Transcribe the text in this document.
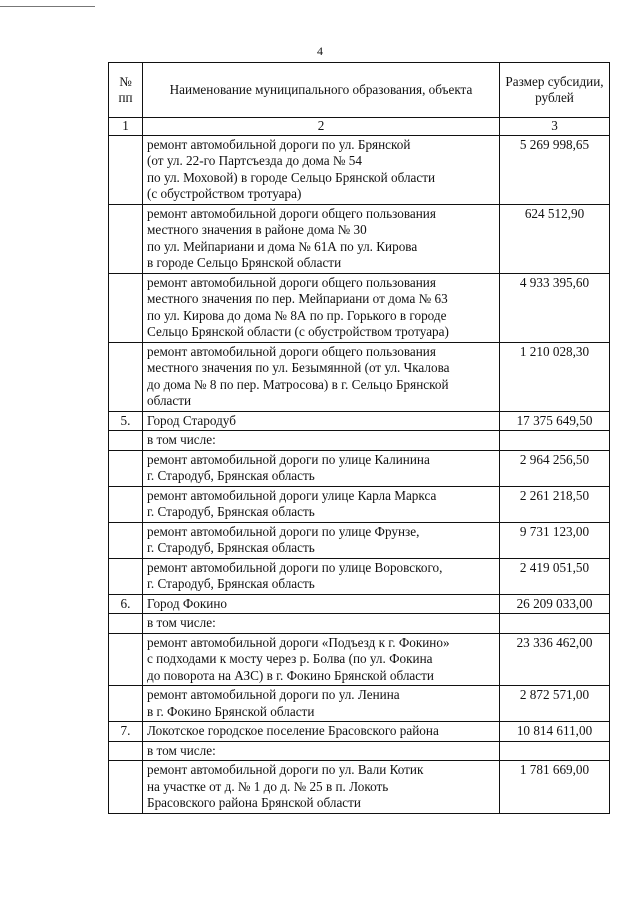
4
№ пп	Наименование муниципального образования, объекта	Размер субсидии, рублей
1	2	3
	ремонт автомобильной дороги по ул. Брянской
(от ул. 22-го Партсъезда до дома № 54
по ул. Моховой) в городе Сельцо Брянской области
(с обустройством тротуара)	5 269 998,65
	ремонт автомобильной дороги общего пользования
местного значения в районе дома № 30
по ул. Мейпариани и дома № 61А по ул. Кирова
в городе Сельцо Брянской области	624 512,90
	ремонт автомобильной дороги общего пользования
местного значения по пер. Мейпариани от дома № 63
по ул. Кирова до дома № 8А по пр. Горького в городе
Сельцо Брянской области (с обустройством тротуара)	4 933 395,60
	ремонт автомобильной дороги общего пользования
местного значения по ул. Безымянной (от ул. Чкалова
до дома № 8 по пер. Матросова) в г. Сельцо Брянской
области	1 210 028,30
5.	Город Стародуб	17 375 649,50
	в том числе:	
	ремонт автомобильной дороги по улице Калинина
г. Стародуб, Брянская область	2 964 256,50
	ремонт автомобильной дороги улице Карла Маркса
г. Стародуб, Брянская область	2 261 218,50
	ремонт автомобильной дороги по улице Фрунзе,
г. Стародуб, Брянская область	9 731 123,00
	ремонт автомобильной дороги по улице Воровского,
г. Стародуб, Брянская область	2 419 051,50
6.	Город Фокино	26 209 033,00
	в том числе:	
	ремонт автомобильной дороги «Подъезд к г. Фокино»
с подходами к мосту через р. Болва (по ул. Фокина
до поворота на АЗС) в г. Фокино Брянской области	23 336 462,00
	ремонт автомобильной дороги по ул. Ленина
в г. Фокино Брянской области	2 872 571,00
7.	Локотское городское поселение Брасовского района	10 814 611,00
	в том числе:	
	ремонт автомобильной дороги по ул. Вали Котик
на участке от д. № 1 до д. № 25 в п. Локоть
Брасовского района Брянской области	1 781 669,00
